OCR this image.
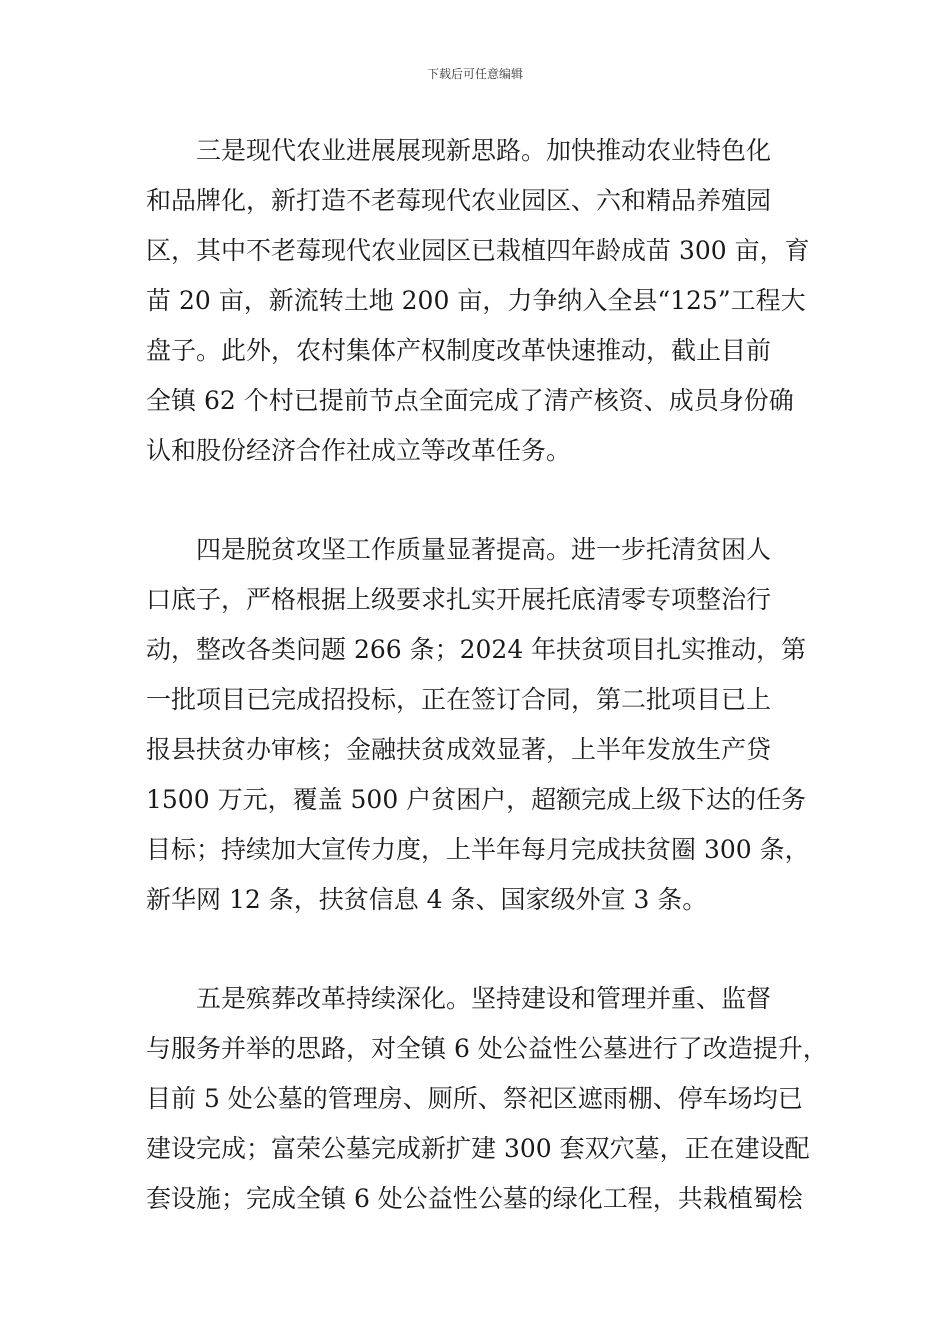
下载后可任意编辑
三是现代农业进展展现新思路。加快推动农业特色化
和品牌化，新打造不老莓现代农业园区、六和精品养殖园
区，其中不老莓现代农业园区已栽植四年龄成苗 300 亩，育
苗 20 亩，新流转土地 200 亩，力争纳入全县“125”工程大
盘子。此外，农村集体产权制度改革快速推动，截止目前
全镇 62 个村已提前节点全面完成了清产核资、成员身份确
认和股份经济合作社成立等改革任务。
四是脱贫攻坚工作质量显著提高。进一步托清贫困人
口底子，严格根据上级要求扎实开展托底清零专项整治行
动，整改各类问题 266 条；2024 年扶贫项目扎实推动，第
一批项目已完成招投标，正在签订合同，第二批项目已上
报县扶贫办审核；金融扶贫成效显著，上半年发放生产贷
1500 万元，覆盖 500 户贫困户，超额完成上级下达的任务
目标；持续加大宣传力度，上半年每月完成扶贫圈 300 条，
新华网 12 条，扶贫信息 4 条、国家级外宣 3 条。
五是殡葬改革持续深化。坚持建设和管理并重、监督
与服务并举的思路，对全镇 6 处公益性公墓进行了改造提升，
目前 5 处公墓的管理房、厕所、祭祀区遮雨棚、停车场均已
建设完成；富荣公墓完成新扩建 300 套双穴墓，正在建设配
套设施；完成全镇 6 处公益性公墓的绿化工程，共栽植蜀桧
